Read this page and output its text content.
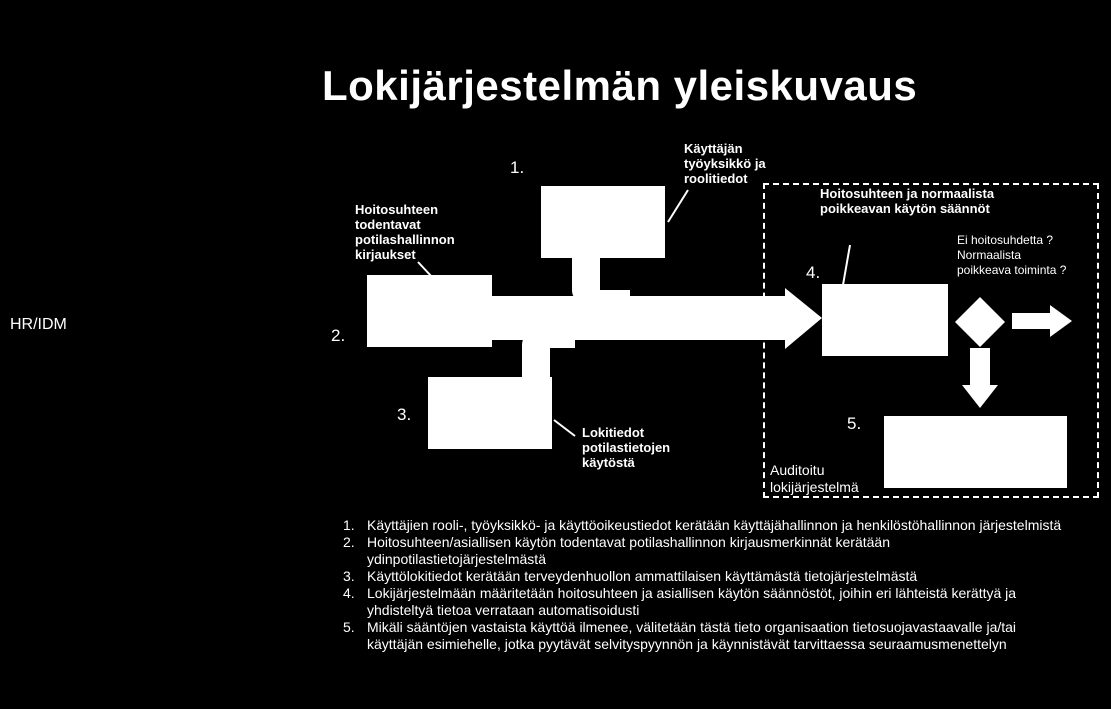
Lokijärjestelmän yleiskuvaus
HR/IDM
1.
2.
3.
4.
5.
Käyttäjän työyksikkö ja roolitiedot
Hoitosuhteen todentavat potilashallinnon kirjaukset
Lokitiedot potilastietojen käytöstä
Hoitosuhteen ja normaalista poikkeavan käytön säännöt
Ei hoitosuhdetta ? Normaalista poikkeava toiminta ?
Auditoitu lokijärjestelmä
1. Käyttäjien rooli-, työyksikkö- ja käyttöoikeustiedot kerätään käyttäjähallinnon ja henkilöstöhallinnon järjestelmistä
2. Hoitosuhteen/asiallisen käytön todentavat potilashallinnon kirjausmerkinnät kerätään ydinpotilastietojärjestelmästä
3. Käyttölokitiedot kerätään terveydenhuollon ammattilaisen käyttämästä tietojärjestelmästä
4. Lokijärjestelmään määritetään hoitosuhteen ja asiallisen käytön säännöstöt, joihin eri lähteistä kerättyä ja yhdisteltyä tietoa verrataan automatisoidusti
5. Mikäli sääntöjen vastaista käyttöä ilmenee, välitetään tästä tieto organisaation tietosuojavastaavalle ja/tai käyttäjän esimiehelle, jotka pyytävät selvityspyynnön ja käynnistävät tarvittaessa seuraamusmenettelyn
